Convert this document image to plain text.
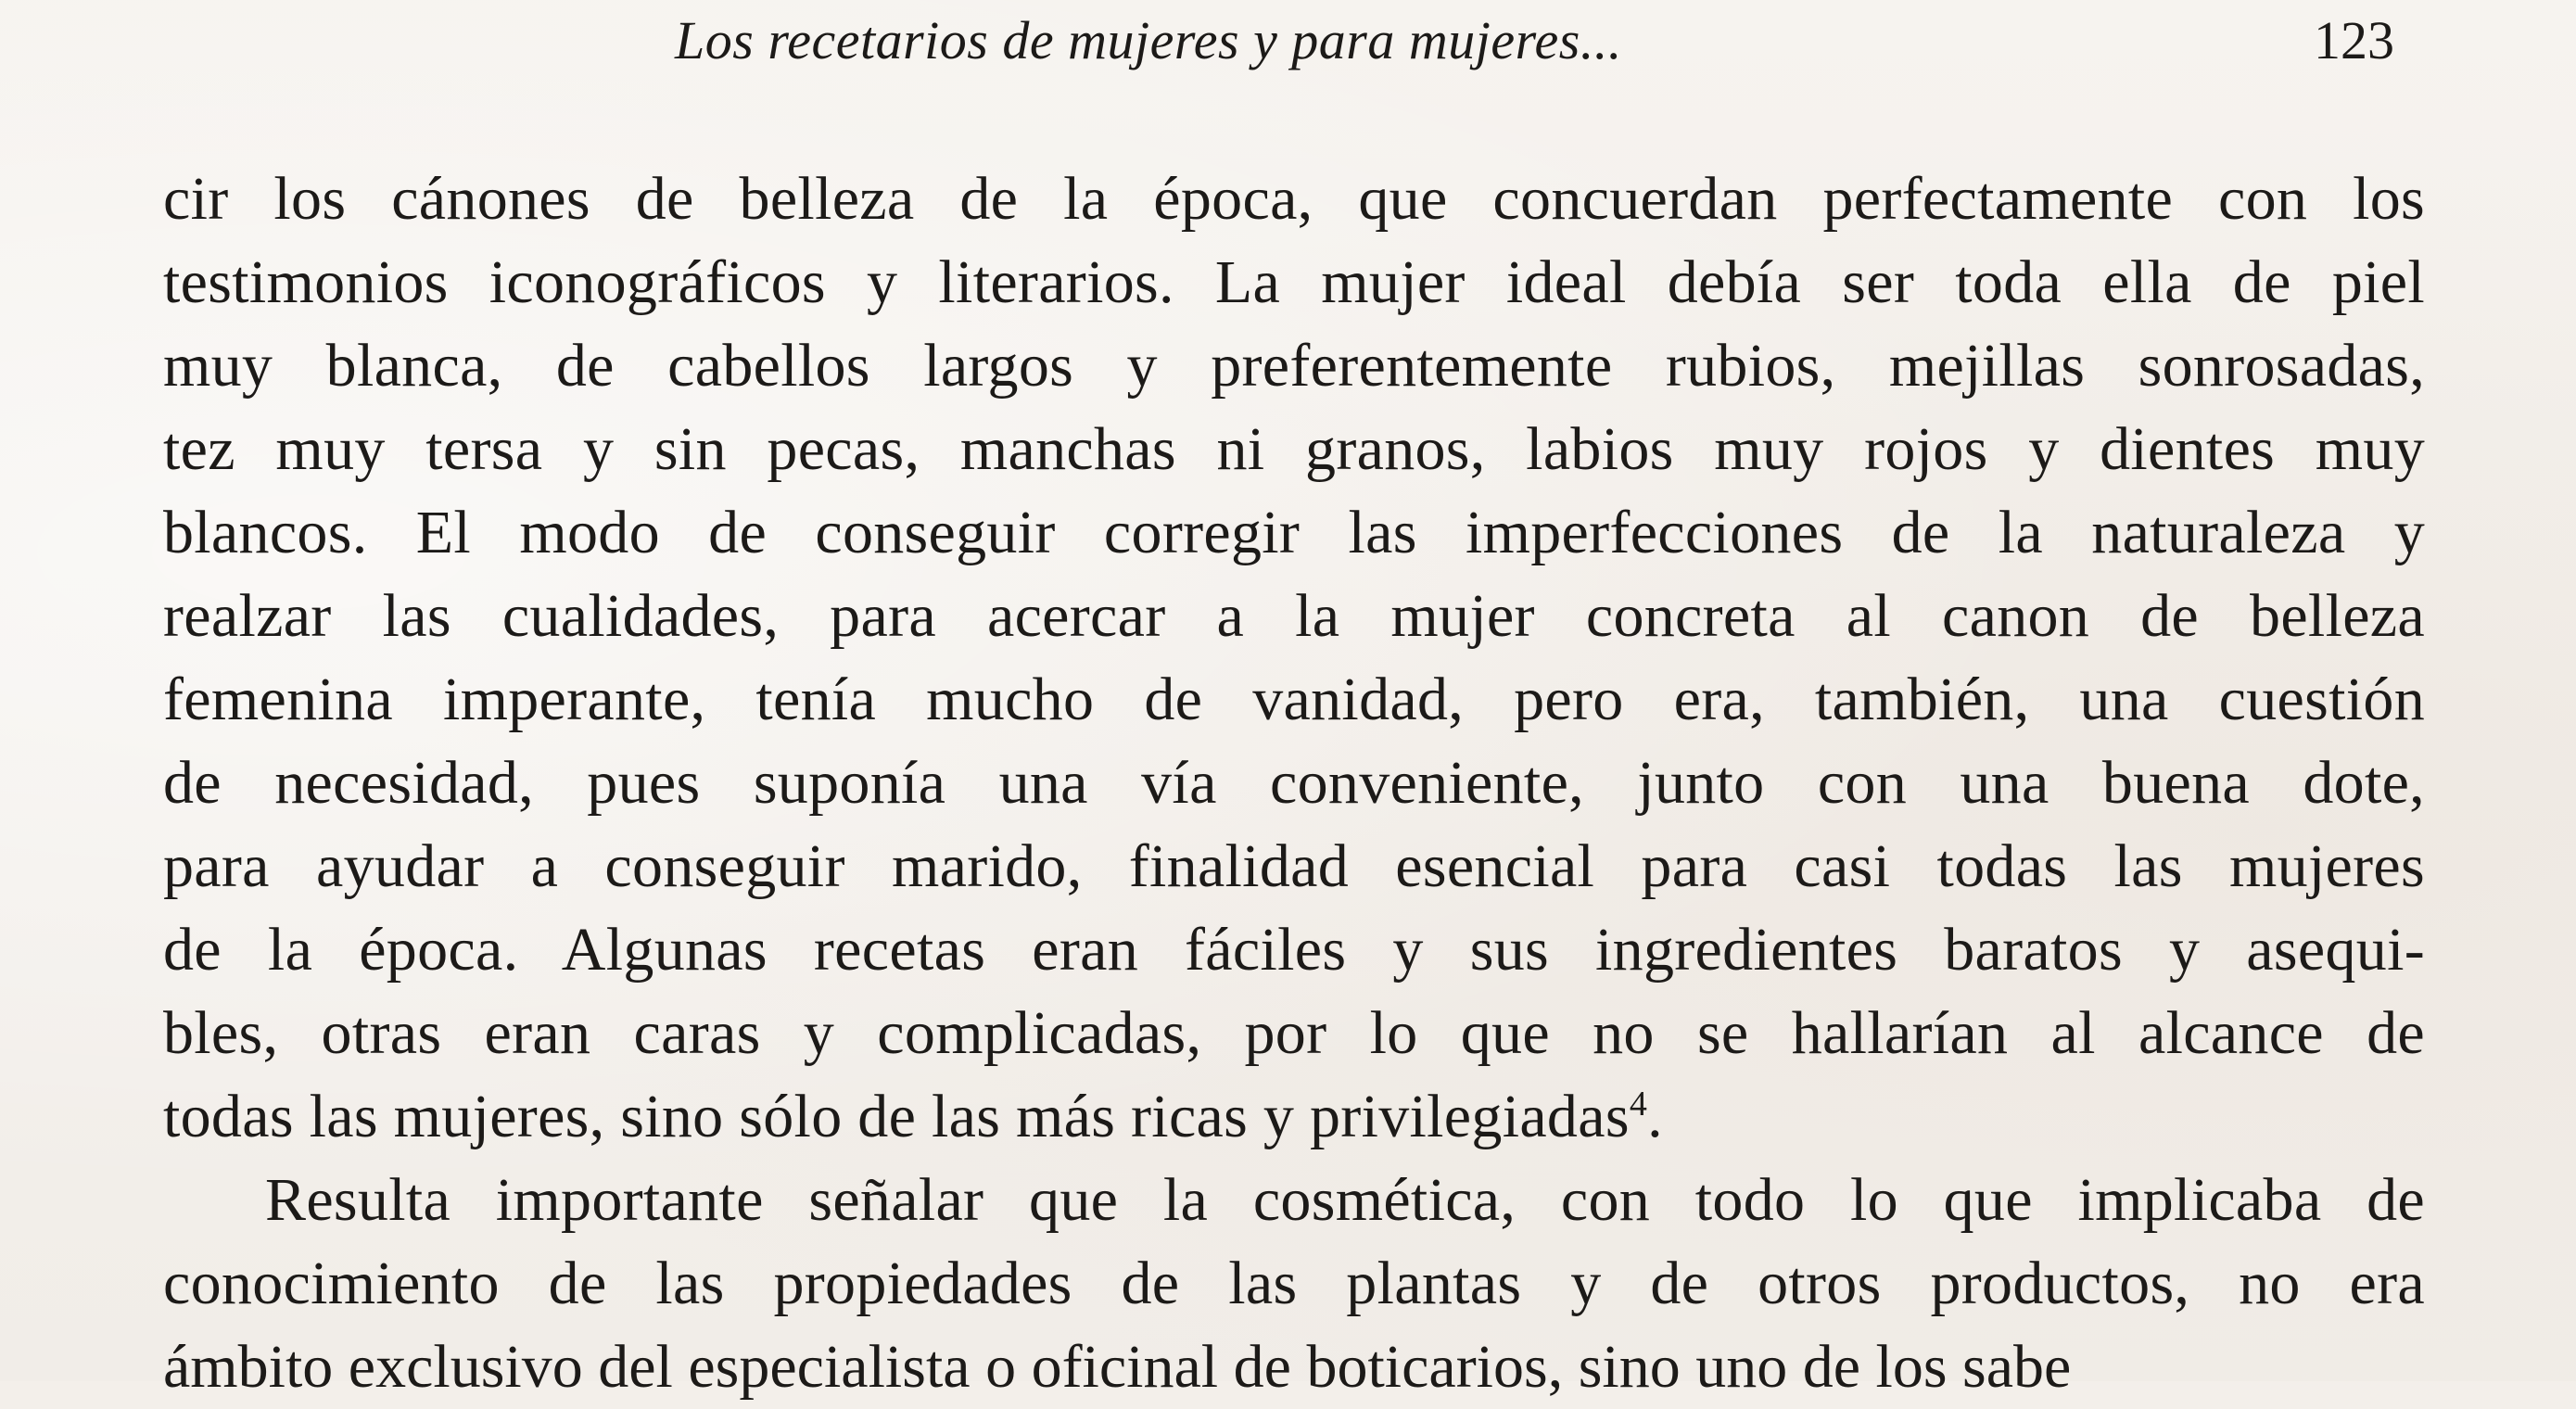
Los recetarios de mujeres y para mujeres...	123
cir los cánones de belleza de la época, que concuerdan perfectamente con los
testimonios iconográficos y literarios. La mujer ideal debía ser toda ella de piel
muy blanca, de cabellos largos y preferentemente rubios, mejillas sonrosadas,
tez muy tersa y sin pecas, manchas ni granos, labios muy rojos y dientes muy
blancos. El modo de conseguir corregir las imperfecciones de la naturaleza y
realzar las cualidades, para acercar a la mujer concreta al canon de belleza
femenina imperante, tenía mucho de vanidad, pero era, también, una cuestión
de necesidad, pues suponía una vía conveniente, junto con una buena dote,
para ayudar a conseguir marido, finalidad esencial para casi todas las mujeres
de la época. Algunas recetas eran fáciles y sus ingredientes baratos y asequi-
bles, otras eran caras y complicadas, por lo que no se hallarían al alcance de
todas las mujeres, sino sólo de las más ricas y privilegiadas$^4$.
Resulta importante señalar que la cosmética, con todo lo que implicaba de
conocimiento de las propiedades de las plantas y de otros productos, no era
ámbito exclusivo del especialista o oficinal de boticarios, sino uno de los sabe
